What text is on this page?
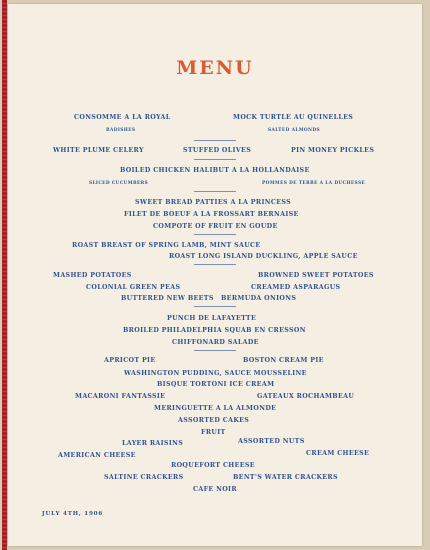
MENU
CONSOMME A LA ROYAL	MOCK TURTLE AU QUINELLES
RADISHES	SALTED ALMONDS
WHITE PLUME CELERY	STUFFED OLIVES	PIN MONEY PICKLES
BOILED CHICKEN HALIBUT A LA HOLLANDAISE
SLICED CUCUMBERS	POMMES DE TERRE A LA DUCHESSE
SWEET BREAD PATTIES A LA PRINCESS
FILET DE BOEUF A LA FROSSART BERNAISE
COMPOTE OF FRUIT EN GOUDE
ROAST BREAST OF SPRING LAMB, MINT SAUCE
ROAST LONG ISLAND DUCKLING, APPLE SAUCE
MASHED POTATOES	BROWNED SWEET POTATOES
COLONIAL GREEN PEAS	CREAMED ASPARAGUS
BUTTERED NEW BEETS BERMUDA ONIONS
PUNCH DE LAFAYETTE
BROILED PHILADELPHIA SQUAB EN CRESSON
CHIFFONARD SALADE
APRICOT PIE	BOSTON CREAM PIE
WASHINGTON PUDDING, SAUCE MOUSSELINE
BISQUE TORTONI ICE CREAM
MACARONI FANTASSIE	GATEAUX ROCHAMBEAU
MERINGUETTE A LA ALMONDE
ASSORTED CAKES
FRUIT
LAYER RAISINS	ASSORTED NUTS
AMERICAN CHEESE	CREAM CHEESE
ROQUEFORT CHEESE
SALTINE CRACKERS	BENT'S WATER CRACKERS
CAFE NOIR
JULY 4TH, 1906
